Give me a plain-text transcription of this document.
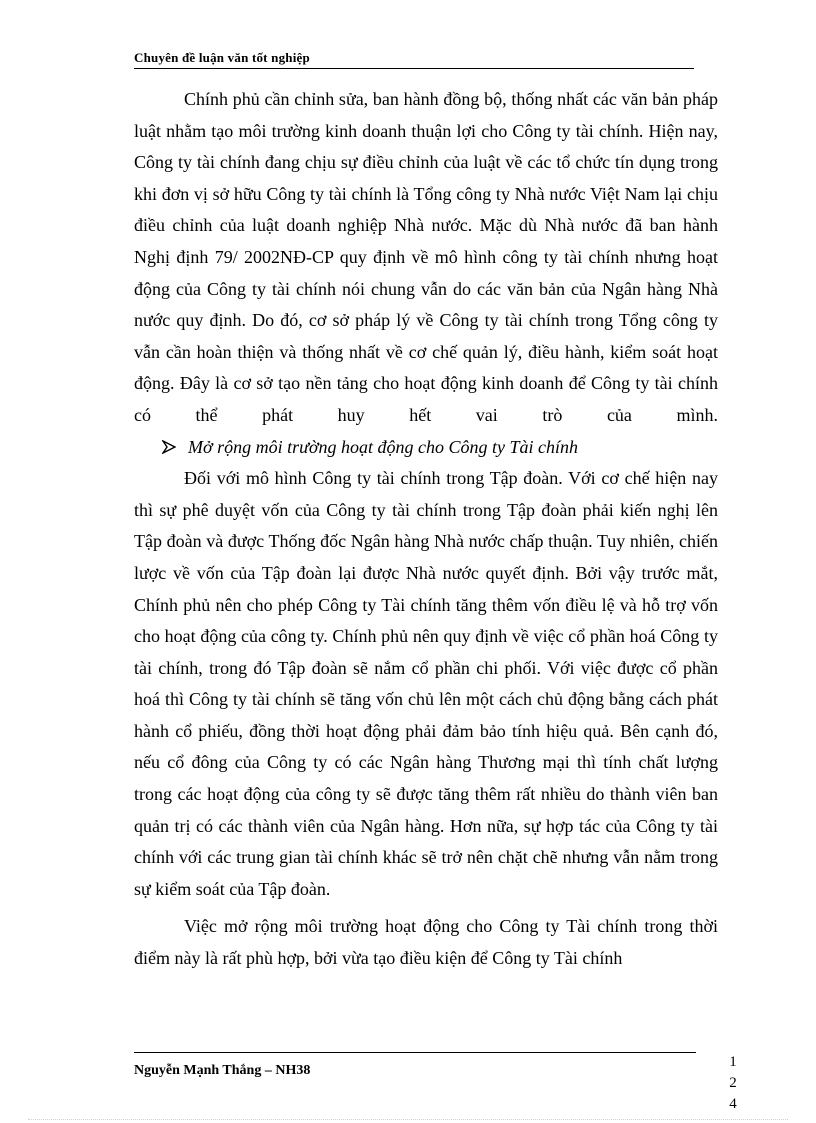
Chuyên đề luận văn tốt nghiệp

Chính phủ cần chỉnh sửa, ban hành đồng bộ, thống nhất các văn bản pháp luật nhằm tạo môi trường kinh doanh thuận lợi cho Công ty tài chính. Hiện nay, Công ty tài chính đang chịu sự điều chỉnh của luật về các tổ chức tín dụng trong khi đơn vị sở hữu Công ty tài chính là Tổng công ty Nhà nước Việt Nam lại chịu điều chỉnh của luật doanh nghiệp Nhà nước. Mặc dù Nhà nước đã ban hành Nghị định 79/ 2002NĐ-CP quy định về mô hình công ty tài chính nhưng hoạt động của Công ty tài chính nói chung vẫn do các văn bản của Ngân hàng Nhà nước quy định. Do đó, cơ sở pháp lý về Công ty tài chính trong Tổng công ty vẫn cần hoàn thiện và thống nhất về cơ chế quản lý, điều hành, kiểm soát hoạt động. Đây là cơ sở tạo nền tảng cho hoạt động kinh doanh để Công ty tài chính có thể phát huy hết vai trò của mình.

Mở rộng môi trường hoạt động cho Công ty Tài chính

Đối với mô hình Công ty tài chính trong Tập đoàn. Với cơ chế hiện nay thì sự phê duyệt vốn của Công ty tài chính trong Tập đoàn phải kiến nghị lên Tập đoàn và được Thống đốc Ngân hàng Nhà nước chấp thuận. Tuy nhiên, chiến lược về vốn của Tập đoàn lại được Nhà nước quyết định. Bởi vậy trước mắt, Chính phủ nên cho phép Công ty Tài chính tăng thêm vốn điều lệ và hỗ trợ vốn cho hoạt động của công ty. Chính phủ nên quy định về việc cổ phần hoá Công ty tài chính, trong đó Tập đoàn sẽ nắm cổ phần chi phối. Với việc được cổ phần hoá thì Công ty tài chính sẽ tăng vốn chủ lên một cách chủ động bằng cách phát hành cổ phiếu, đồng thời hoạt động phải đảm bảo tính hiệu quả. Bên cạnh đó, nếu cổ đông của Công ty có các Ngân hàng Thương mại thì tính chất lượng trong các hoạt động của công ty sẽ được tăng thêm rất nhiều do thành viên ban quản trị có các thành viên của Ngân hàng. Hơn nữa, sự hợp tác của Công ty tài chính với các trung gian tài chính khác sẽ trở nên chặt chẽ nhưng vẫn nằm trong sự kiểm soát của Tập đoàn.

Việc mở rộng môi trường hoạt động cho Công ty Tài chính trong thời điểm này là rất phù hợp, bởi vừa tạo điều kiện để Công ty Tài chính

Nguyễn Mạnh Thắng – NH38
1
2
4
